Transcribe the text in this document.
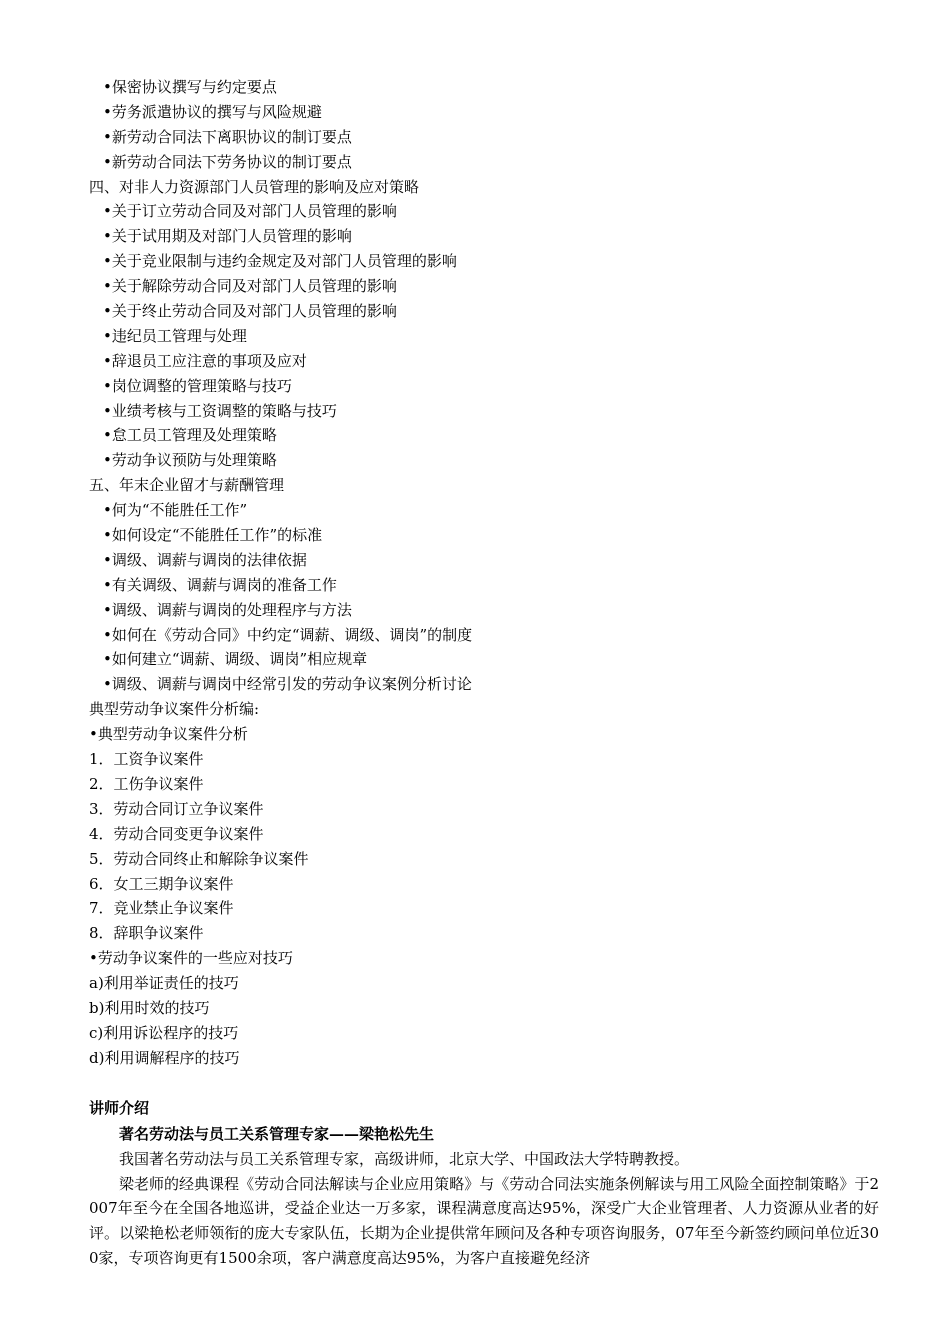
•保密协议撰写与约定要点
•劳务派遣协议的撰写与风险规避
•新劳动合同法下离职协议的制订要点
•新劳动合同法下劳务协议的制订要点
四、对非人力资源部门人员管理的影响及应对策略
•关于订立劳动合同及对部门人员管理的影响
•关于试用期及对部门人员管理的影响
•关于竞业限制与违约金规定及对部门人员管理的影响
•关于解除劳动合同及对部门人员管理的影响
•关于终止劳动合同及对部门人员管理的影响
•违纪员工管理与处理
•辞退员工应注意的事项及应对
•岗位调整的管理策略与技巧
•业绩考核与工资调整的策略与技巧
•怠工员工管理及处理策略
•劳动争议预防与处理策略
五、年末企业留才与薪酬管理
•何为“不能胜任工作”
•如何设定“不能胜任工作”的标准
•调级、调薪与调岗的法律依据
•有关调级、调薪与调岗的准备工作
•调级、调薪与调岗的处理程序与方法
•如何在《劳动合同》中约定“调薪、调级、调岗”的制度
•如何建立“调薪、调级、调岗”相应规章
•调级、调薪与调岗中经常引发的劳动争议案例分析讨论
典型劳动争议案件分析编:
•典型劳动争议案件分析
1．工资争议案件
2．工伤争议案件
3．劳动合同订立争议案件
4．劳动合同变更争议案件
5．劳动合同终止和解除争议案件
6．女工三期争议案件
7．竞业禁止争议案件
8．辞职争议案件
•劳动争议案件的一些应对技巧
a)利用举证责任的技巧
b)利用时效的技巧
c)利用诉讼程序的技巧
d)利用调解程序的技巧
讲师介绍
著名劳动法与员工关系管理专家——梁艳松先生

我国著名劳动法与员工关系管理专家，高级讲师，北京大学、中国政法大学特聘教授。

梁老师的经典课程《劳动合同法解读与企业应用策略》与《劳动合同法实施条例解读与用工风险全面控制策略》于2007年至今在全国各地巡讲，受益企业达一万多家，课程满意度高达95%，深受广大企业管理者、人力资源从业者的好评。以梁艳松老师领衔的庞大专家队伍，长期为企业提供常年顾问及各种专项咨询服务，07年至今新签约顾问单位近300家，专项咨询更有1500余项，客户满意度高达95%，为客户直接避免经济
